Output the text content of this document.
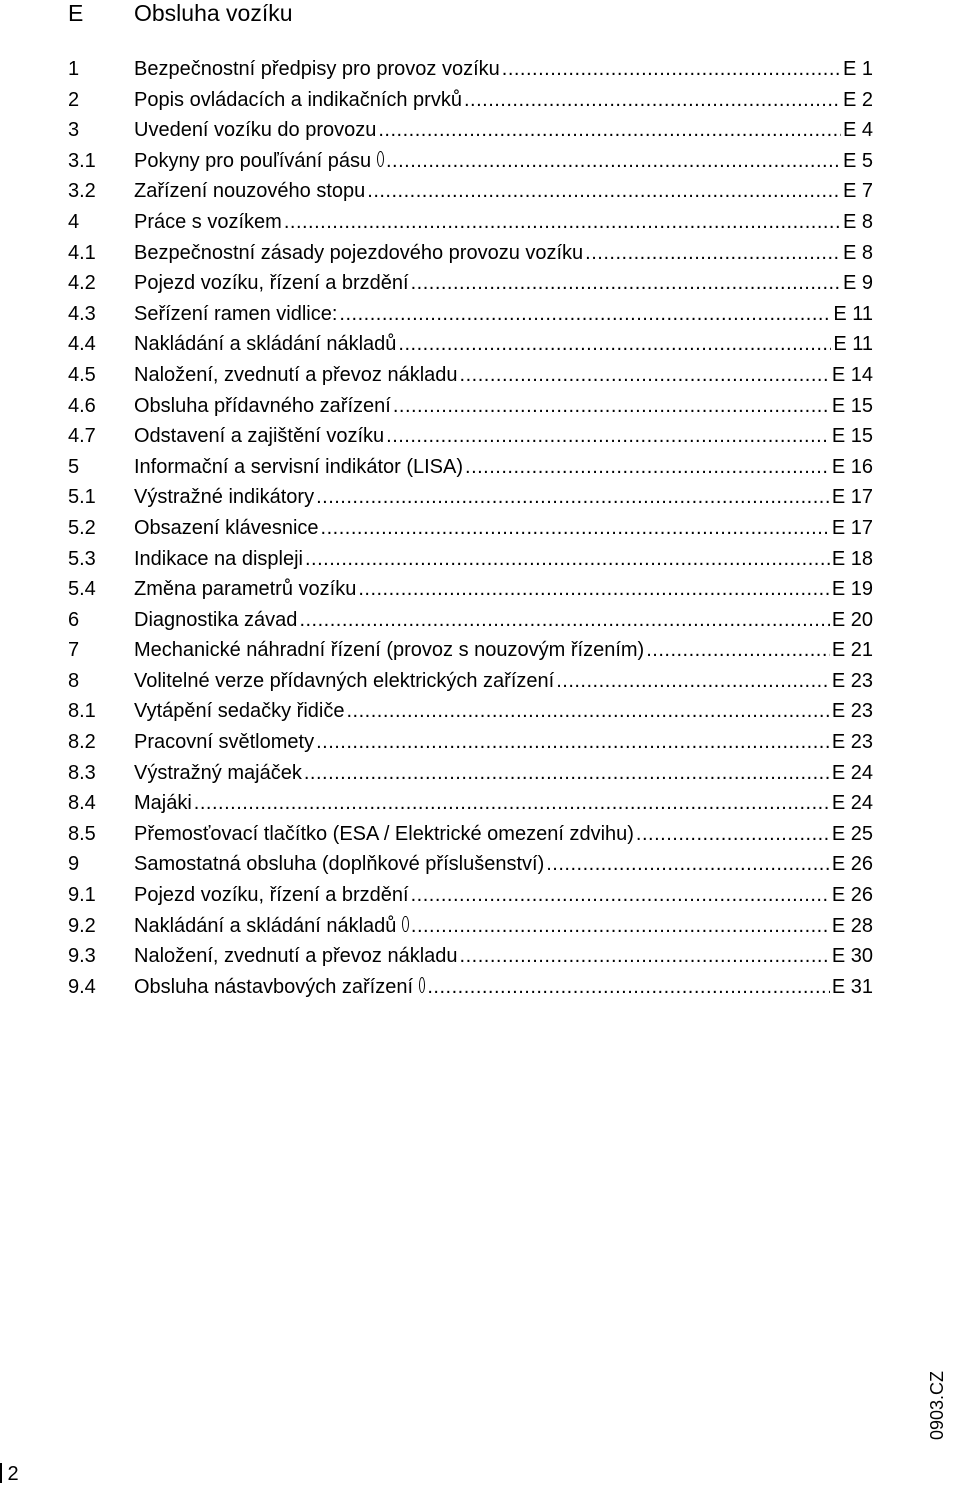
E Obsluha vozíku
1	Bezpečnostní předpisy pro provoz vozíku .....	E 1
2	Popis ovládacích a indikačních prvků .....	E 2
3	Uvedení vozíku do provozu .....	E 4
3.1	Pokyny pro pouľívání pásu .....	E 5
3.2	Zařízení nouzového stopu .....	E 7
4	Práce s vozíkem .....	E 8
4.1	Bezpečnostní zásady pojezdového provozu vozíku .....	E 8
4.2	Pojezd vozíku, řízení a brzdění .....	E 9
4.3	Seřízení ramen vidlice: .....	E 11
4.4	Nakládání a skládání nákladů .....	E 11
4.5	Naložení, zvednutí a převoz nákladu .....	E 14
4.6	Obsluha přídavného zařízení .....	E 15
4.7	Odstavení a zajištění vozíku .....	E 15
5	Informační a servisní indikátor (LISA) .....	E 16
5.1	Výstražné indikátory .....	E 17
5.2	Obsazení klávesnice .....	E 17
5.3	Indikace na displeji .....	E 18
5.4	Změna parametrů vozíku .....	E 19
6	Diagnostika závad .....	E 20
7	Mechanické náhradní řízení (provoz s nouzovým řízením) .....	E 21
8	Volitelné verze přídavných elektrických zařízení .....	E 23
8.1	Vytápění sedačky řidiče .....	E 23
8.2	Pracovní světlomety .....	E 23
8.3	Výstražný majáček .....	E 24
8.4	Majáki .....	E 24
8.5	Přemosťovací tlačítko (ESA / Elektrické omezení zdvihu) .....	E 25
9	Samostatná obsluha (doplňkové příslušenství) .....	E 26
9.1	Pojezd vozíku, řízení a brzdění .....	E 26
9.2	Nakládání a skládání nákladů .....	E 28
9.3	Naložení, zvednutí a převoz nákladu .....	E 30
9.4	Obsluha nástavbových zařízení .....	E 31
2
0903.CZ
